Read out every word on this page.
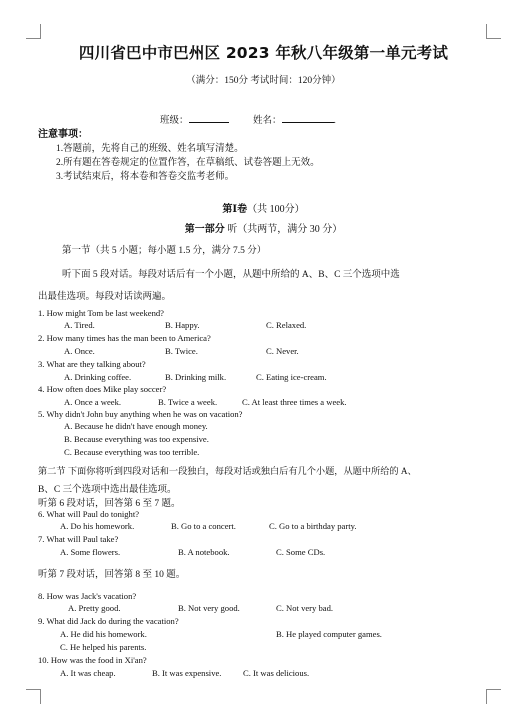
四川省巴中市巴州区 2023 年秋八年级第一单元考试
（满分：150分 考试时间：120分钟）
班级：	姓名：	.
注意事项：
1.答题前，先将自己的班级、姓名填写清楚。
2.所有题在答卷规定的位置作答，在草稿纸、试卷答题上无效。
3.考试结束后，将本卷和答卷交监考老师。
第Ⅰ卷（共 100分）
第一部分 听（共两节，满分 30 分）
第一节（共 5 小题；每小题 1.5 分，满分 7.5 分）
听下面 5 段对话。每段对话后有一个小题，从题中所给的 A、B、C 三个选项中选
出最佳选项。每段对话读两遍。
1. How might Tom be last weekend?
A. Tired.	B. Happy.	C. Relaxed.
2. How many times has the man been to America?
A. Once.	B. Twice.	C. Never.
3. What are they talking about?
A. Drinking coffee.	B. Drinking milk.	C. Eating ice-cream.
4. How often does Mike play soccer?
A. Once a week.	B. Twice a week.	C. At least three times a week.
5. Why didn't John buy anything when he was on vacation?
A. Because he didn't have enough money.
B. Because everything was too expensive.
C. Because everything was too terrible.
第二节 下面你将听到四段对话和一段独白，每段对话或独白后有几个小题，从题中所给的 A、
B、C 三个选项中选出最佳选项。
听第 6 段对话，回答第 6 至 7 题。
6. What will Paul do tonight?
A. Do his homework.	B. Go to a concert.	C. Go to a birthday party.
7. What will Paul take?
A. Some flowers.	B. A notebook.	C. Some CDs.
听第 7 段对话，回答第 8 至 10 题。
8. How was Jack's vacation?
A. Pretty good.	B. Not very good.	C. Not very bad.
9. What did Jack do during the vacation?
A. He did his homework.	B. He played computer games.
C. He helped his parents.
10. How was the food in Xi'an?
A. It was cheap.	B. It was expensive.	C. It was delicious.
